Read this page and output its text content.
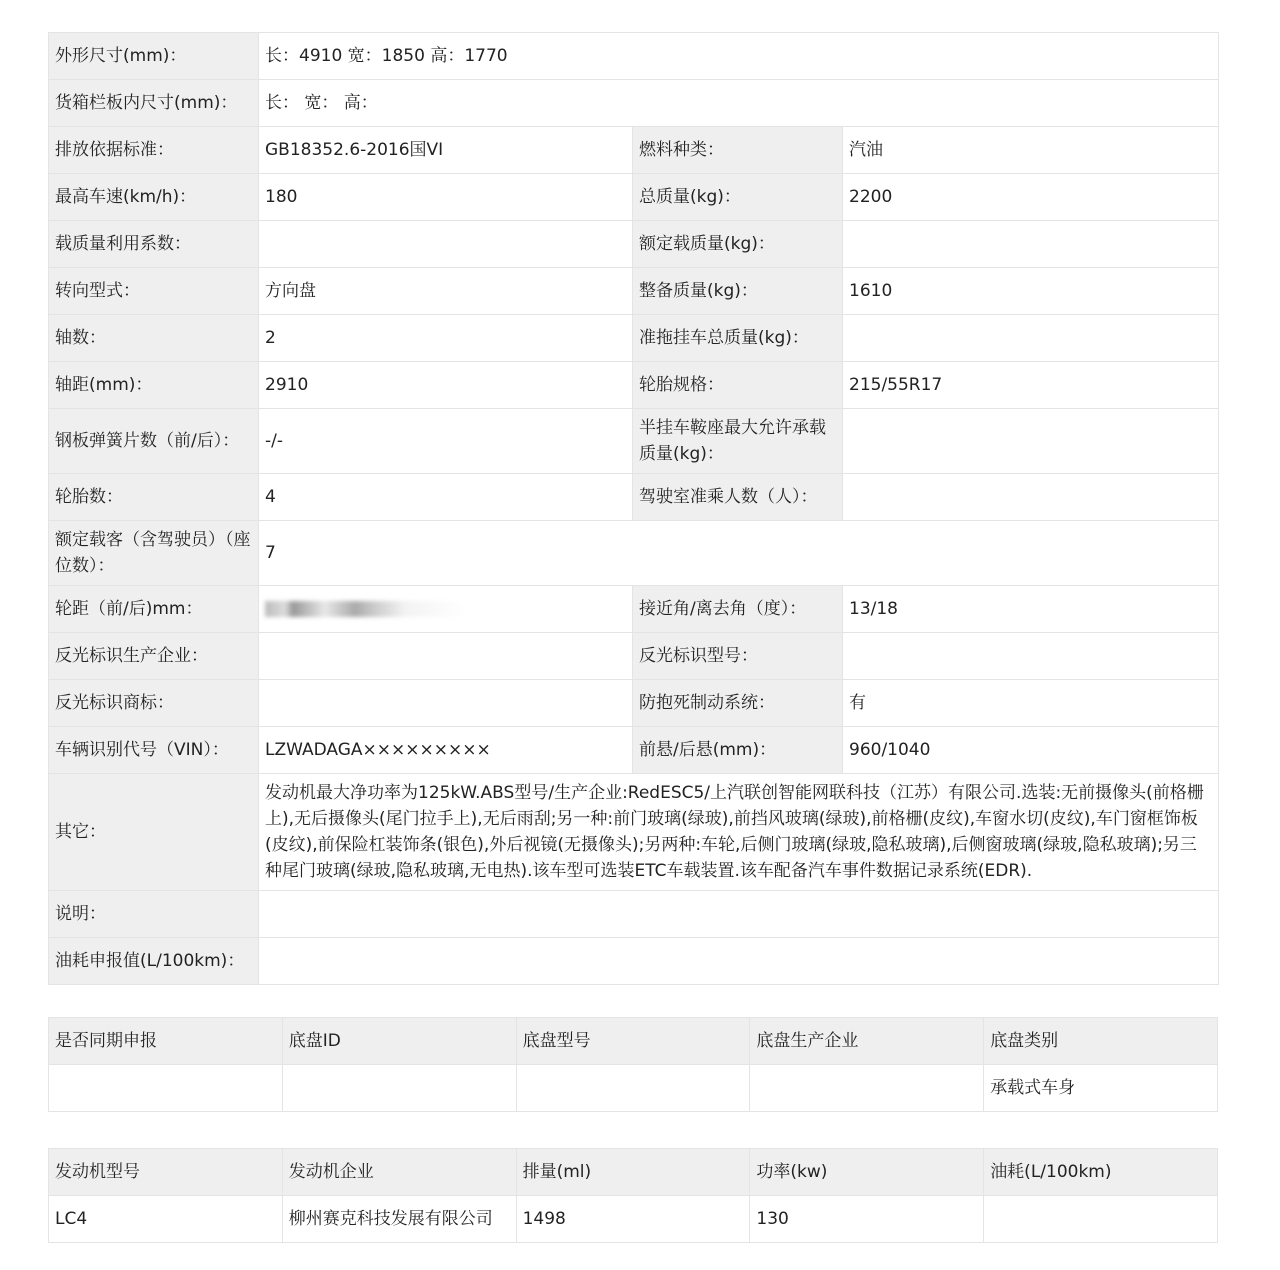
外形尺寸(mm)：	长：4910 宽：1850 高：1770		
货箱栏板内尺寸(mm)：	长： 宽： 高：		
排放依据标准：	GB18352.6-2016国VI	燃料种类：	汽油
最高车速(km/h)：	180	总质量(kg)：	2200
载质量利用系数：		额定载质量(kg)：	
转向型式：	方向盘	整备质量(kg)：	1610
轴数：	2	准拖挂车总质量(kg)：	
轴距(mm)：	2910	轮胎规格：	215/55R17
钢板弹簧片数（前/后）：	-/-	半挂车鞍座最大允许承载质量(kg)：	
轮胎数：	4	驾驶室准乘人数（人）：	
额定载客（含驾驶员）（座位数）：	7		
轮距（前/后)mm：		接近角/离去角（度）：	13/18
反光标识生产企业：		反光标识型号：	
反光标识商标：		防抱死制动系统：	有
车辆识别代号（VIN）：	LZWADAGA×××××××××	前悬/后悬(mm)：	960/1040
其它：	发动机最大净功率为125kW.ABS型号/生产企业:RedESC5/上汽联创智能网联科技（江苏）有限公司.选装:无前摄像头(前格栅上),无后摄像头(尾门拉手上),无后雨刮;另一种:前门玻璃(绿玻),前挡风玻璃(绿玻),前格栅(皮纹),车窗水切(皮纹),车门窗框饰板(皮纹),前保险杠装饰条(银色),外后视镜(无摄像头);另两种:车轮,后侧门玻璃(绿玻,隐私玻璃),后侧窗玻璃(绿玻,隐私玻璃);另三种尾门玻璃(绿玻,隐私玻璃,无电热).该车型可选装ETC车载装置.该车配备汽车事件数据记录系统(EDR).		
说明：			
油耗申报值(L/100km)：			
是否同期申报	底盘ID	底盘型号	底盘生产企业	底盘类别
				承载式车身
发动机型号	发动机企业	排量(ml)	功率(kw)	油耗(L/100km)
LC4	柳州赛克科技发展有限公司	1498	130	
